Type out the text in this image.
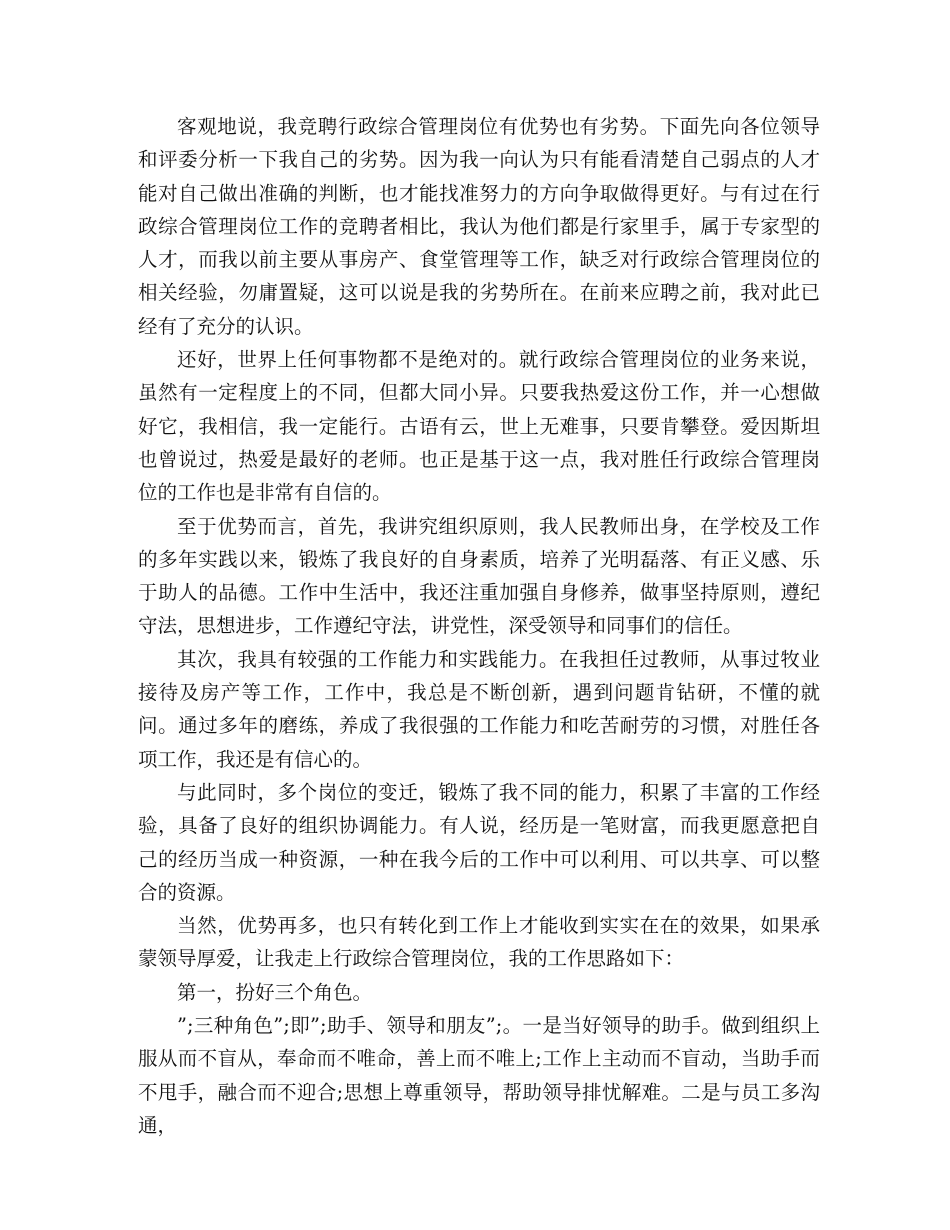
客观地说，我竞聘行政综合管理岗位有优势也有劣势。下面先向各位领导和评委分析一下我自己的劣势。因为我一向认为只有能看清楚自己弱点的人才能对自己做出准确的判断，也才能找准努力的方向争取做得更好。与有过在行政综合管理岗位工作的竞聘者相比，我认为他们都是行家里手，属于专家型的人才，而我以前主要从事房产、食堂管理等工作，缺乏对行政综合管理岗位的相关经验，勿庸置疑，这可以说是我的劣势所在。在前来应聘之前，我对此已经有了充分的认识。

还好，世界上任何事物都不是绝对的。就行政综合管理岗位的业务来说，虽然有一定程度上的不同，但都大同小异。只要我热爱这份工作，并一心想做好它，我相信，我一定能行。古语有云，世上无难事，只要肯攀登。爱因斯坦也曾说过，热爱是最好的老师。也正是基于这一点，我对胜任行政综合管理岗位的工作也是非常有自信的。

至于优势而言，首先，我讲究组织原则，我人民教师出身，在学校及工作的多年实践以来，锻炼了我良好的自身素质，培养了光明磊落、有正义感、乐于助人的品德。工作中生活中，我还注重加强自身修养，做事坚持原则，遵纪守法，思想进步，工作遵纪守法，讲党性，深受领导和同事们的信任。

其次，我具有较强的工作能力和实践能力。在我担任过教师，从事过牧业接待及房产等工作，工作中，我总是不断创新，遇到问题肯钻研，不懂的就问。通过多年的磨练，养成了我很强的工作能力和吃苦耐劳的习惯，对胜任各项工作，我还是有信心的。

与此同时，多个岗位的变迁，锻炼了我不同的能力，积累了丰富的工作经验，具备了良好的组织协调能力。有人说，经历是一笔财富，而我更愿意把自己的经历当成一种资源，一种在我今后的工作中可以利用、可以共享、可以整合的资源。

当然，优势再多，也只有转化到工作上才能收到实实在在的效果，如果承蒙领导厚爱，让我走上行政综合管理岗位，我的工作思路如下：

第一，扮好三个角色。

”;三种角色”;即”;助手、领导和朋友”;。一是当好领导的助手。做到组织上服从而不盲从，奉命而不唯命，善上而不唯上;工作上主动而不盲动，当助手而不甩手，融合而不迎合;思想上尊重领导，帮助领导排忧解难。二是与员工多沟通，
